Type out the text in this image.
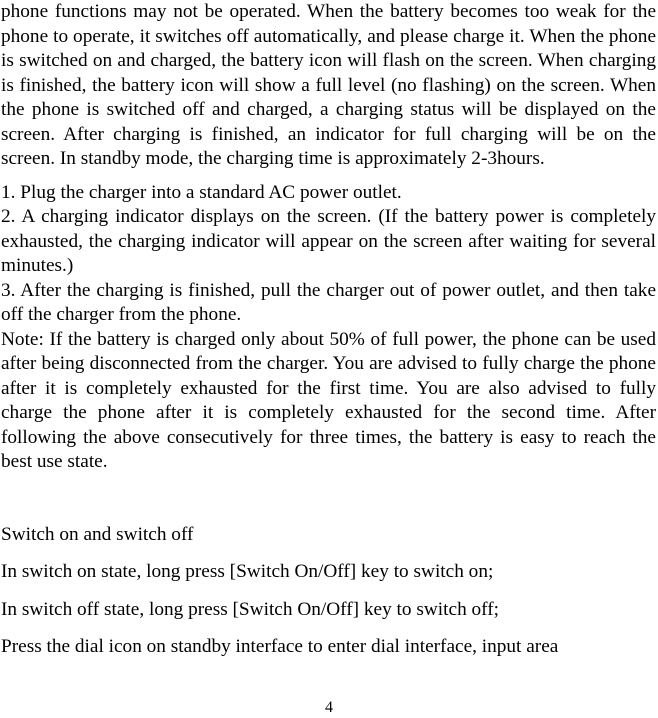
phone functions may not be operated. When the battery becomes too weak for the phone to operate, it switches off automatically, and please charge it. When the phone is switched on and charged, the battery icon will flash on the screen. When charging is finished, the battery icon will show a full level (no flashing) on the screen. When the phone is switched off and charged, a charging status will be displayed on the screen. After charging is finished, an indicator for full charging will be on the screen. In standby mode, the charging time is approximately 2-3hours.

1. Plug the charger into a standard AC power outlet.

2. A charging indicator displays on the screen. (If the battery power is completely exhausted, the charging indicator will appear on the screen after waiting for several minutes.)

3. After the charging is finished, pull the charger out of power outlet, and then take off the charger from the phone.

Note: If the battery is charged only about 50% of full power, the phone can be used after being disconnected from the charger. You are advised to fully charge the phone after it is completely exhausted for the first time. You are also advised to fully charge the phone after it is completely exhausted for the second time. After following the above consecutively for three times, the battery is easy to reach the best use state.

Switch on and switch off

In switch on state, long press [Switch On/Off] key to switch on;

In switch off state, long press [Switch On/Off] key to switch off;

Press the dial icon on standby interface to enter dial interface, input area

4
